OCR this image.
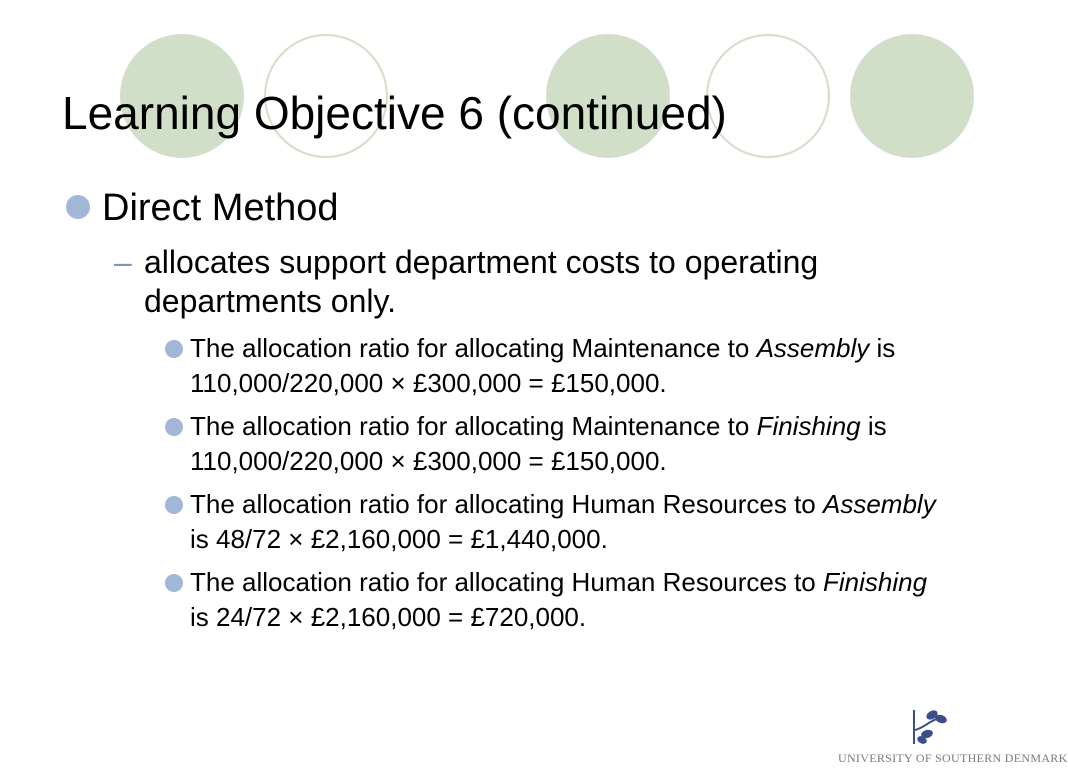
Learning Objective 6 (continued)
Direct Method
– allocates support department costs to operating departments only.
The allocation ratio for allocating Maintenance to Assembly is 110,000/220,000 × £300,000 = £150,000.
The allocation ratio for allocating Maintenance to Finishing is 110,000/220,000 × £300,000 = £150,000.
The allocation ratio for allocating Human Resources to Assembly is 48/72 × £2,160,000 = £1,440,000.
The allocation ratio for allocating Human Resources to Finishing is 24/72 × £2,160,000 = £720,000.
UNIVERSITY OF SOUTHERN DENMARK
